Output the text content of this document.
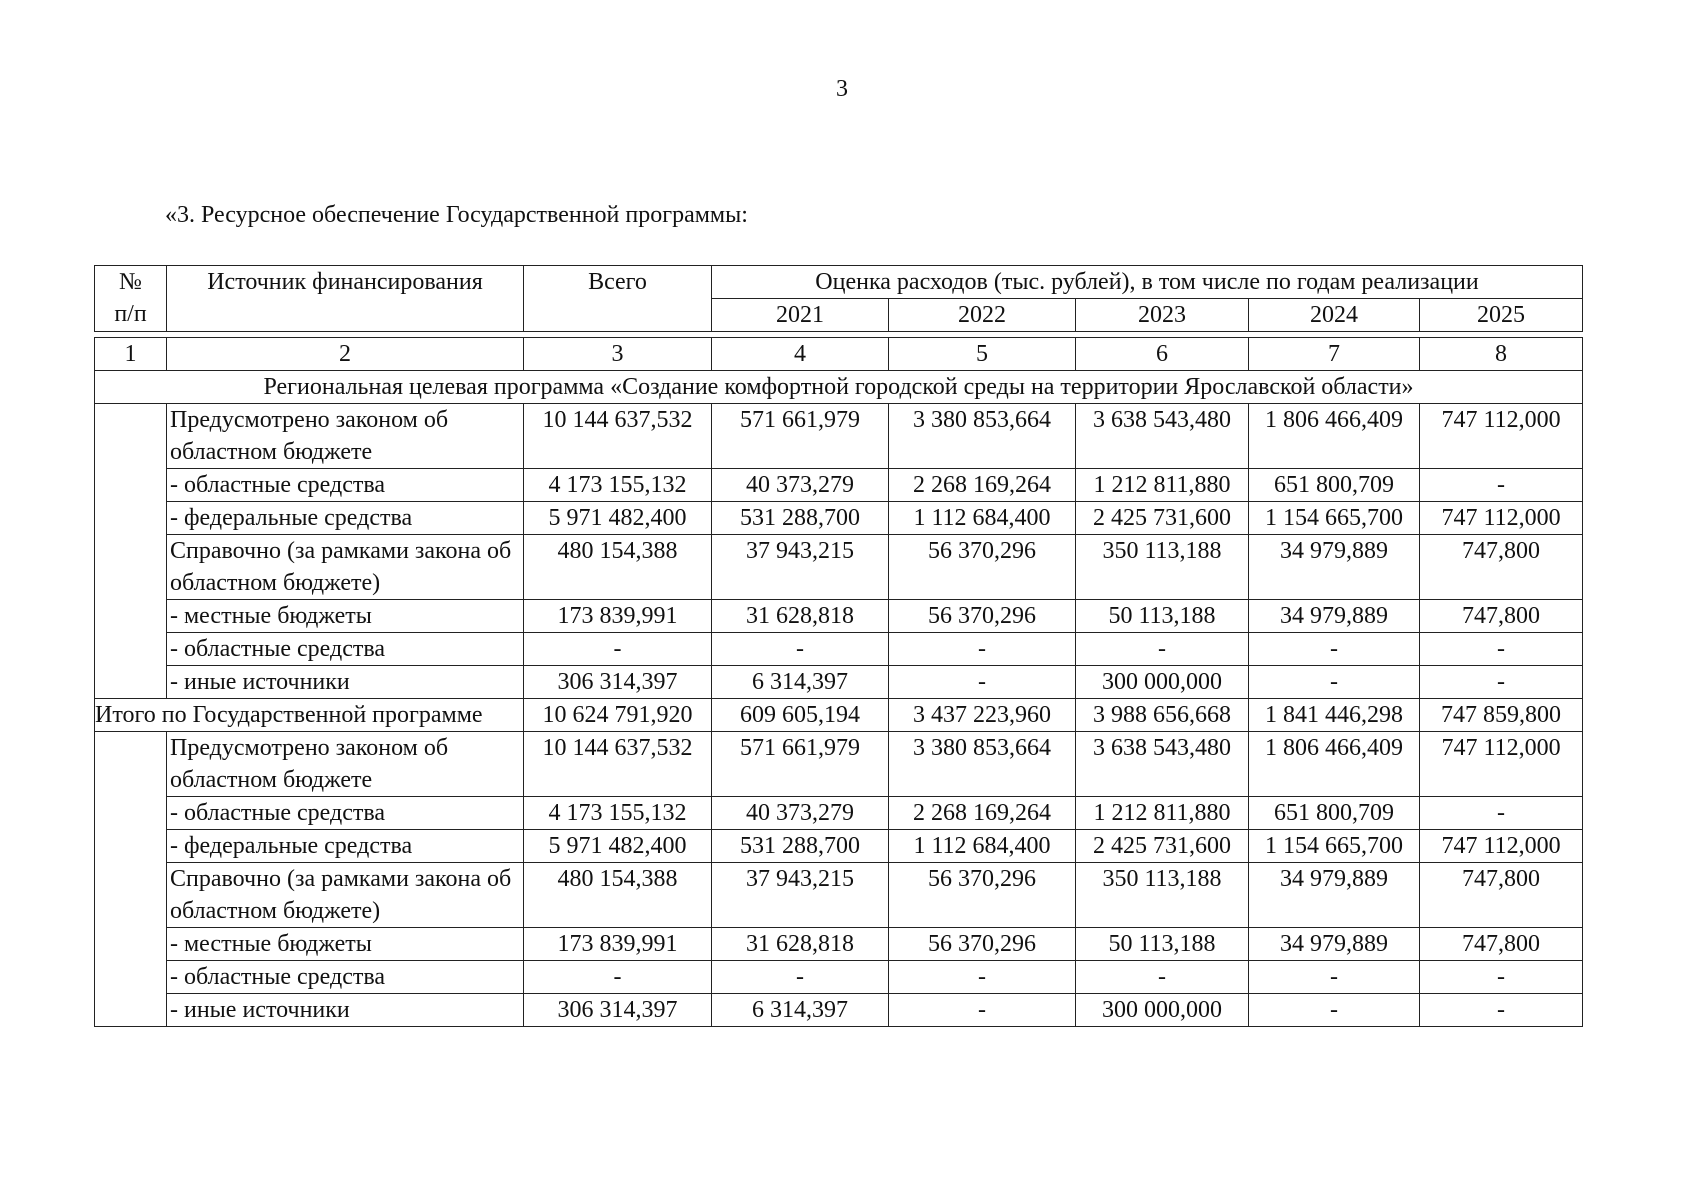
3
«3. Ресурсное обеспечение Государственной программы:
№
п/п	Источник финансирования	Всего	Оценка расходов (тыс. рублей), в том числе по годам реализации				
			2021	2022	2023	2024	2025

1	2	3	4	5	6	7	8
Региональная целевая программа «Создание комфортной городской среды на территории Ярославской области»							
	Предусмотрено законом об областном бюджете	10 144 637,532	571 661,979	3 380 853,664	3 638 543,480	1 806 466,409	747 112,000
	- областные средства	4 173 155,132	40 373,279	2 268 169,264	1 212 811,880	651 800,709	-
	- федеральные средства	5 971 482,400	531 288,700	1 112 684,400	2 425 731,600	1 154 665,700	747 112,000
	Справочно (за рамками закона об областном бюджете)	480 154,388	37 943,215	56 370,296	350 113,188	34 979,889	747,800
	- местные бюджеты	173 839,991	31 628,818	56 370,296	50 113,188	34 979,889	747,800
	- областные средства	-	-	-	-	-	-
	- иные источники	306 314,397	6 314,397	-	300 000,000	-	-
Итого по Государственной программе		10 624 791,920	609 605,194	3 437 223,960	3 988 656,668	1 841 446,298	747 859,800
	Предусмотрено законом об областном бюджете	10 144 637,532	571 661,979	3 380 853,664	3 638 543,480	1 806 466,409	747 112,000
	- областные средства	4 173 155,132	40 373,279	2 268 169,264	1 212 811,880	651 800,709	-
	- федеральные средства	5 971 482,400	531 288,700	1 112 684,400	2 425 731,600	1 154 665,700	747 112,000
	Справочно (за рамками закона об областном бюджете)	480 154,388	37 943,215	56 370,296	350 113,188	34 979,889	747,800
	- местные бюджеты	173 839,991	31 628,818	56 370,296	50 113,188	34 979,889	747,800
	- областные средства	-	-	-	-	-	-
	- иные источники	306 314,397	6 314,397	-	300 000,000	-	-
